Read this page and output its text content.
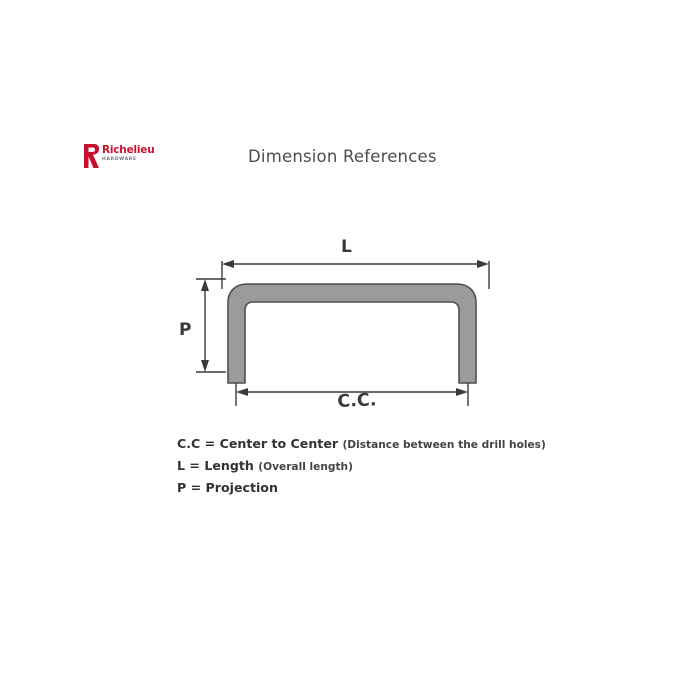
Richelieu
HARDWARE	Dimension References
L
P
C.C.
C.C = Center to Center (Distance between the drill holes)
L = Length (Overall length)
P = Projection
